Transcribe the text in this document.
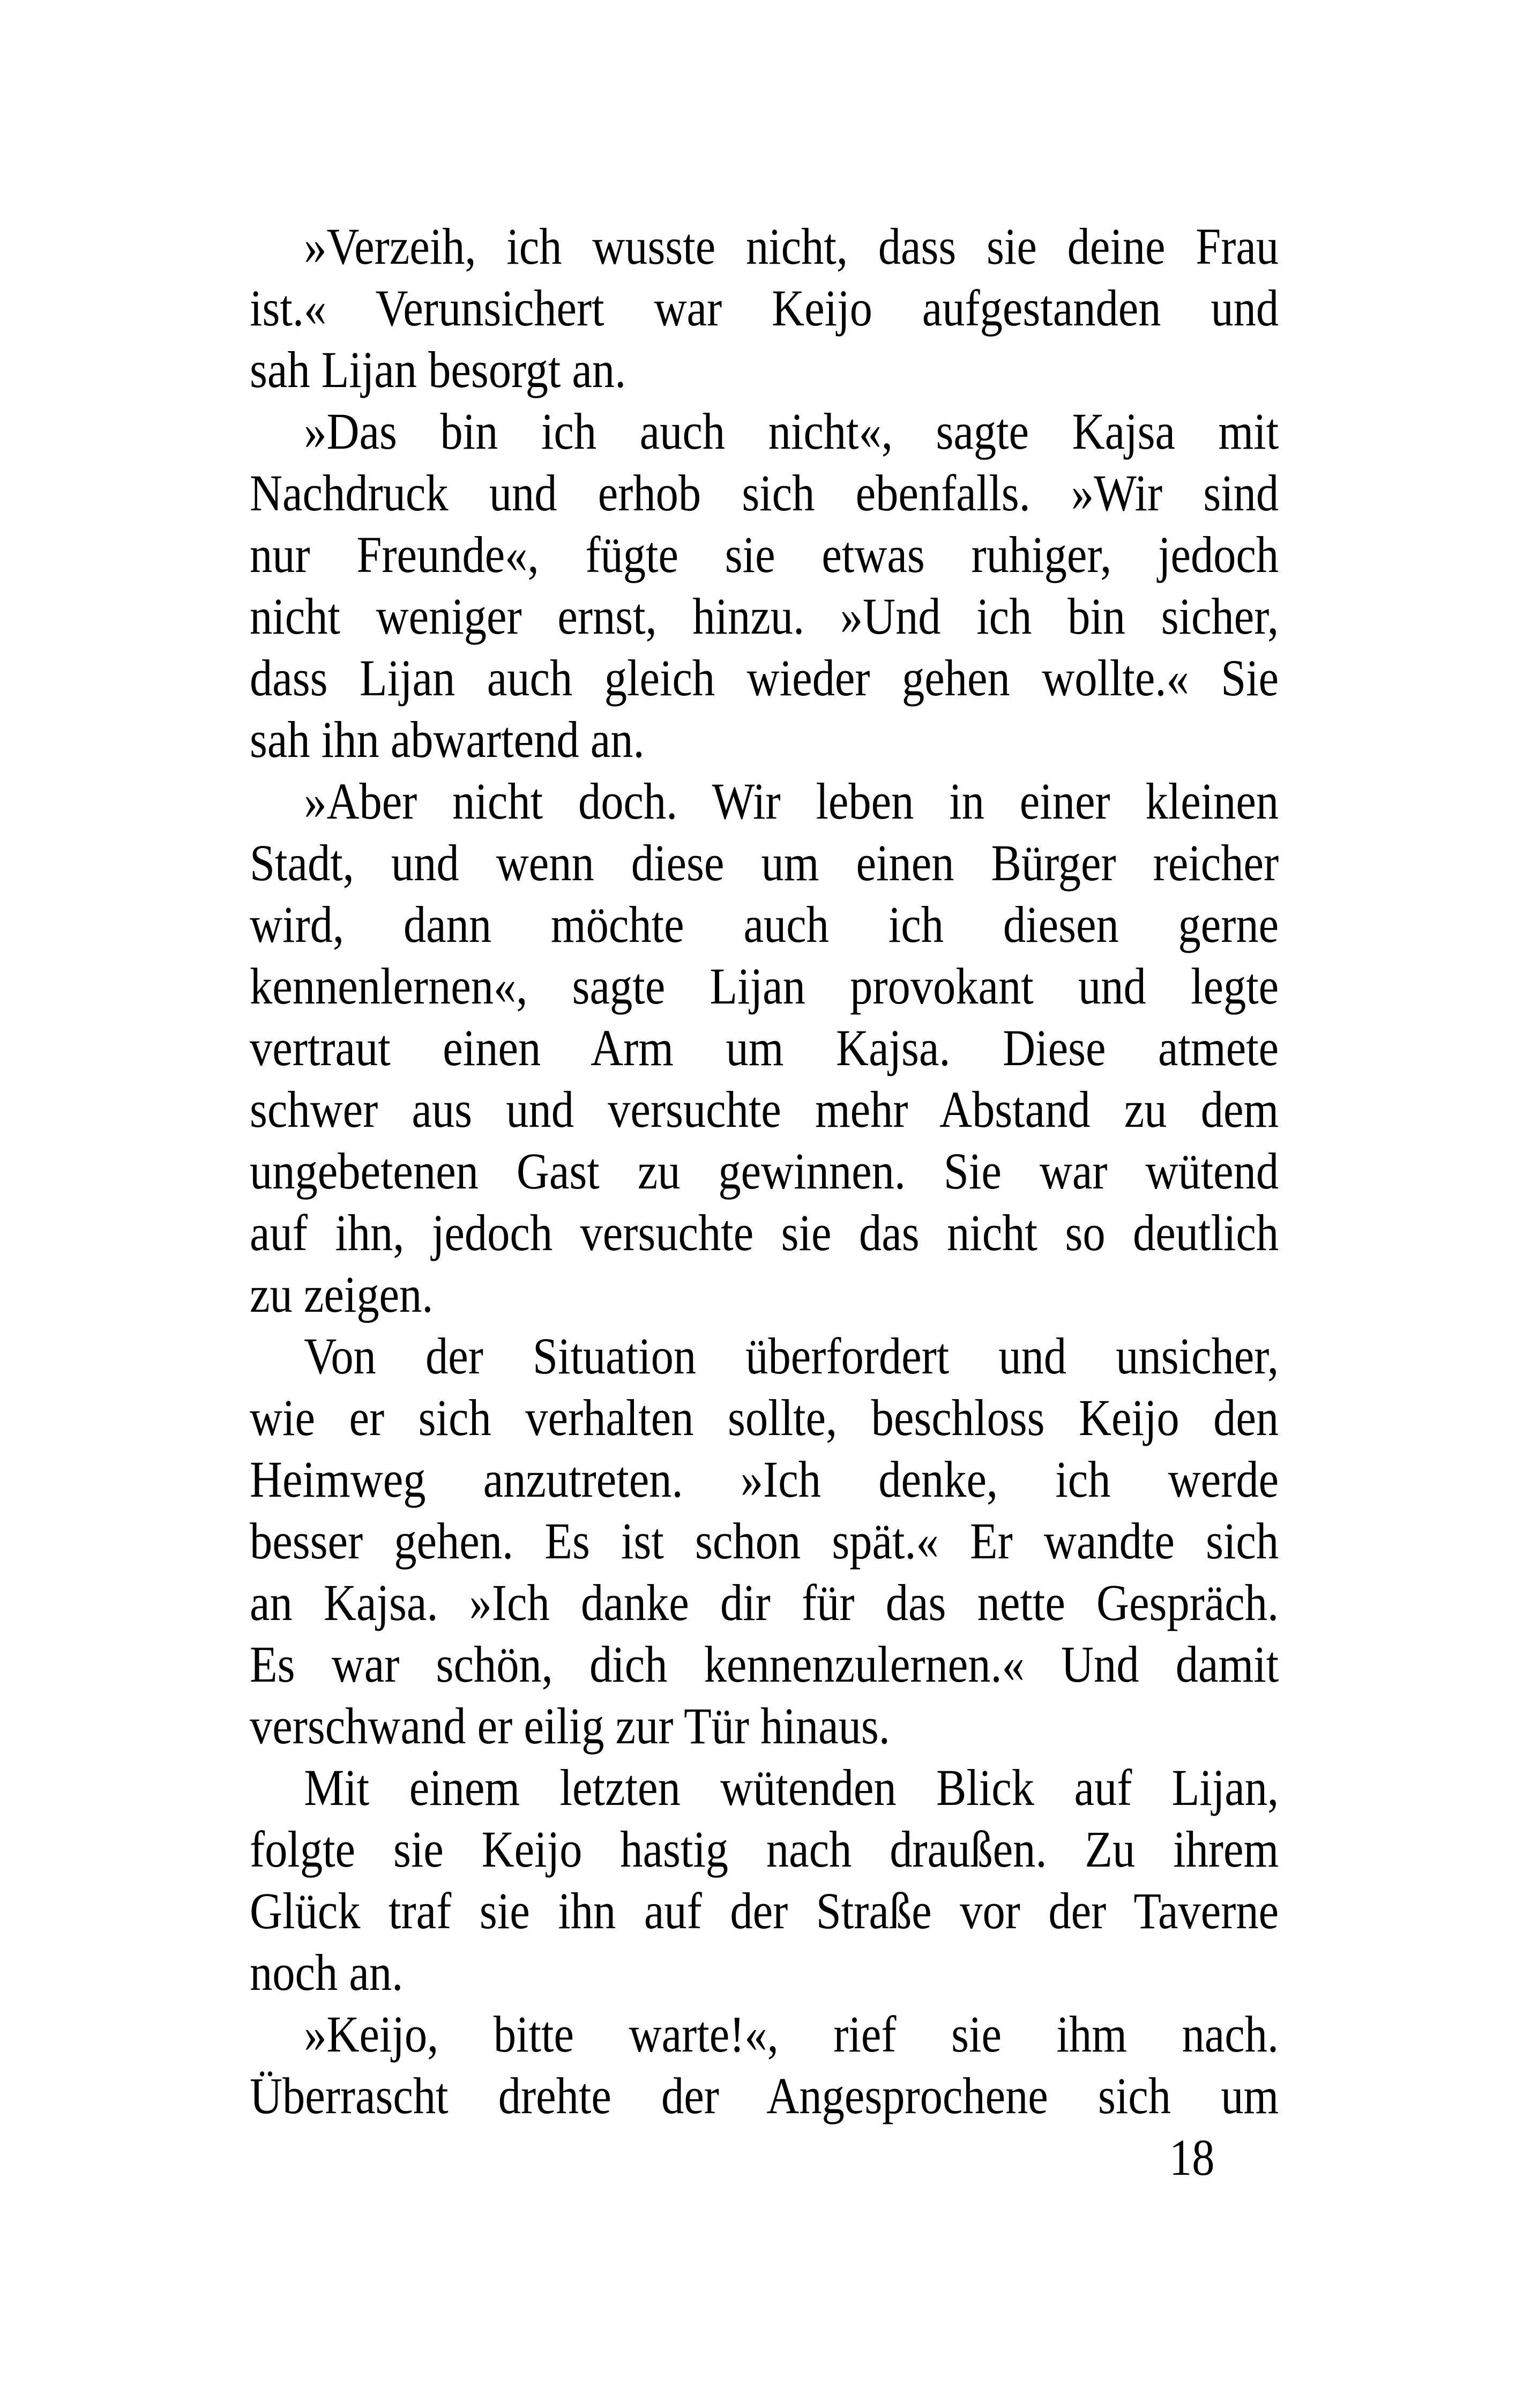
»Verzeih, ich wusste nicht, dass sie deine Frau
ist.« Verunsichert war Keijo aufgestanden und
sah Lijan besorgt an.

»Das bin ich auch nicht«, sagte Kajsa mit
Nachdruck und erhob sich ebenfalls. »Wir sind
nur Freunde«, fügte sie etwas ruhiger, jedoch
nicht weniger ernst, hinzu. »Und ich bin sicher,
dass Lijan auch gleich wieder gehen wollte.« Sie
sah ihn abwartend an.

»Aber nicht doch. Wir leben in einer kleinen
Stadt, und wenn diese um einen Bürger reicher
wird, dann möchte auch ich diesen gerne
kennenlernen«, sagte Lijan provokant und legte
vertraut einen Arm um Kajsa. Diese atmete
schwer aus und versuchte mehr Abstand zu dem
ungebetenen Gast zu gewinnen. Sie war wütend
auf ihn, jedoch versuchte sie das nicht so deutlich
zu zeigen.

Von der Situation überfordert und unsicher,
wie er sich verhalten sollte, beschloss Keijo den
Heimweg anzutreten. »Ich denke, ich werde
besser gehen. Es ist schon spät.« Er wandte sich
an Kajsa. »Ich danke dir für das nette Gespräch.
Es war schön, dich kennenzulernen.« Und damit
verschwand er eilig zur Tür hinaus.

Mit einem letzten wütenden Blick auf Lijan,
folgte sie Keijo hastig nach draußen. Zu ihrem
Glück traf sie ihn auf der Straße vor der Taverne
noch an.

»Keijo, bitte warte!«, rief sie ihm nach.
Überrascht drehte der Angesprochene sich um

18
